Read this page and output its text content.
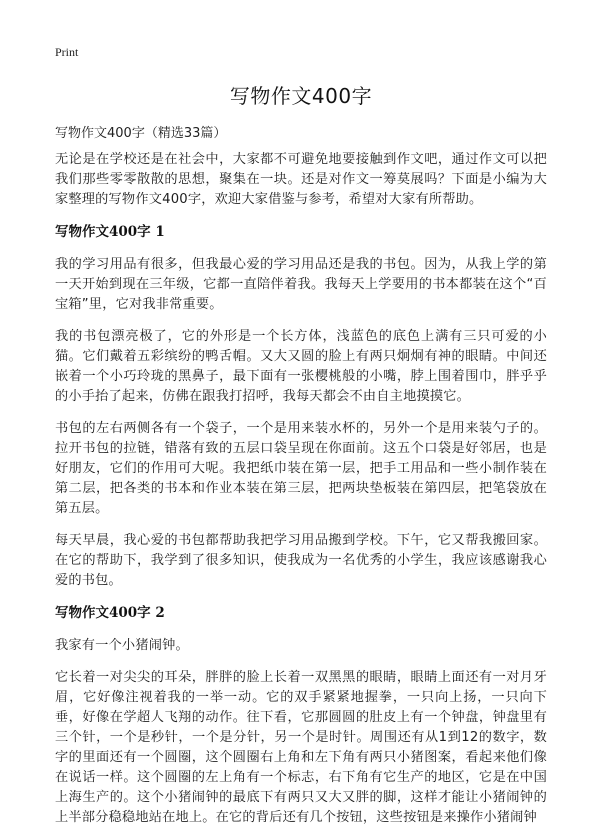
Print
写物作文400字
写物作文400字（精选33篇）

无论是在学校还是在社会中，大家都不可避免地要接触到作文吧，通过作文可以把我们那些零零散散的思想，聚集在一块。还是对作文一筹莫展吗？下面是小编为大家整理的写物作文400字，欢迎大家借鉴与参考，希望对大家有所帮助。

写物作文400字 1

我的学习用品有很多，但我最心爱的学习用品还是我的书包。因为，从我上学的第一天开始到现在三年级，它都一直陪伴着我。我每天上学要用的书本都装在这个“百宝箱”里，它对我非常重要。

我的书包漂亮极了，它的外形是一个长方体，浅蓝色的底色上满有三只可爱的小猫。它们戴着五彩缤纷的鸭舌帽。又大又圆的脸上有两只炯炯有神的眼睛。中间还嵌着一个小巧玲珑的黑鼻子，最下面有一张樱桃般的小嘴，脖上围着围巾，胖乎乎的小手抬了起来，仿佛在跟我打招呼，我每天都会不由自主地摸摸它。

书包的左右两侧各有一个袋子，一个是用来装水杯的，另外一个是用来装勺子的。拉开书包的拉链，错落有致的五层口袋呈现在你面前。这五个口袋是好邻居，也是好朋友，它们的作用可大呢。我把纸巾装在第一层，把手工用品和一些小制作装在第二层，把各类的书本和作业本装在第三层，把两块垫板装在第四层，把笔袋放在第五层。

每天早晨，我心爱的书包都帮助我把学习用品搬到学校。下午，它又帮我搬回家。在它的帮助下，我学到了很多知识，使我成为一名优秀的小学生，我应该感谢我心爱的书包。

写物作文400字 2

我家有一个小猪闹钟。

它长着一对尖尖的耳朵，胖胖的脸上长着一双黑黑的眼睛，眼睛上面还有一对月牙眉，它好像注视着我的一举一动。它的双手紧紧地握拳，一只向上扬，一只向下垂，好像在学超人飞翔的动作。往下看，它那圆圆的肚皮上有一个钟盘，钟盘里有三个针，一个是秒针，一个是分针，另一个是时针。周围还有从1到12的数字，数字的里面还有一个圆圈，这个圆圈右上角和左下角有两只小猪图案，看起来他们像在说话一样。这个圆圈的左上角有一个标志，右下角有它生产的地区，它是在中国上海生产的。这个小猪闹钟的最底下有两只又大又胖的脚，这样才能让小猪闹钟的上半部分稳稳地站在地上。在它的背后还有几个按钮，这些按钮是来操作小猪闹钟
